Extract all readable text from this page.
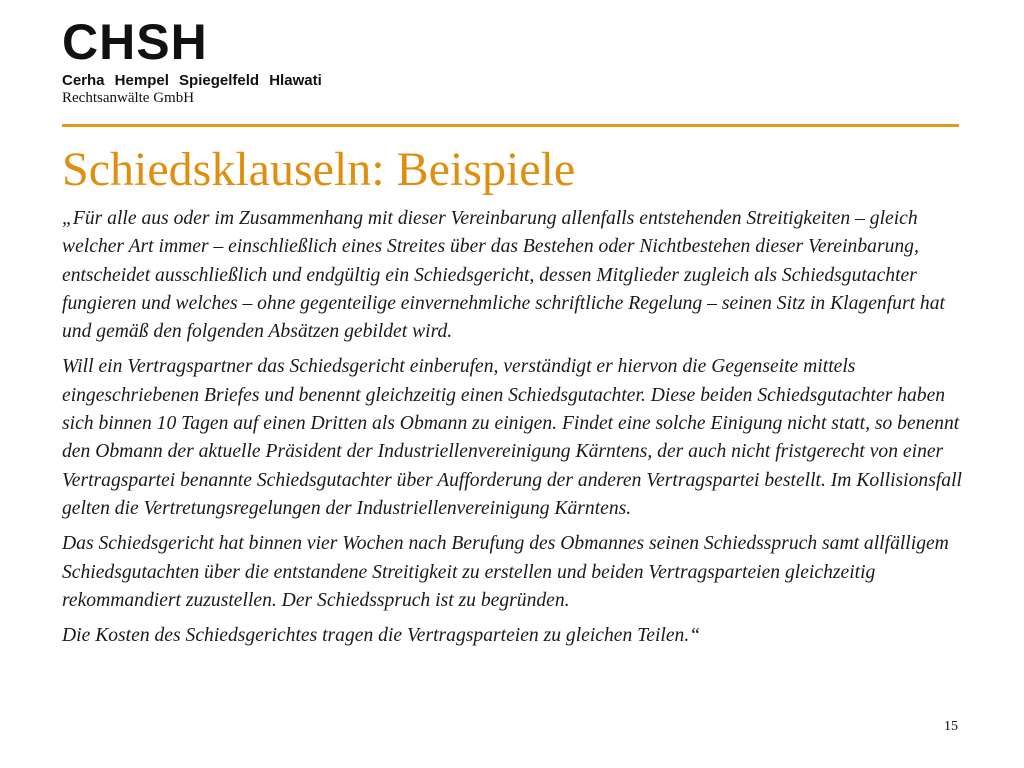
CHSH
Cerha Hempel Spiegelfeld Hlawati
Rechtsanwälte GmbH
Schiedsklauseln: Beispiele

„Für alle aus oder im Zusammenhang mit dieser Vereinbarung allenfalls entstehenden Streitigkeiten – gleich welcher Art immer – einschließlich eines Streites über das Bestehen oder Nichtbestehen dieser Vereinbarung, entscheidet ausschließlich und endgültig ein Schiedsgericht, dessen Mitglieder zugleich als Schiedsgutachter fungieren und welches – ohne gegenteilige einvernehmliche schriftliche Regelung – seinen Sitz in Klagenfurt hat und gemäß den folgenden Absätzen gebildet wird.

Will ein Vertragspartner das Schiedsgericht einberufen, verständigt er hiervon die Gegenseite mittels eingeschriebenen Briefes und benennt gleichzeitig einen Schiedsgutachter. Diese beiden Schiedsgutachter haben sich binnen 10 Tagen auf einen Dritten als Obmann zu einigen. Findet eine solche Einigung nicht statt, so benennt den Obmann der aktuelle Präsident der Industriellenvereinigung Kärntens, der auch nicht fristgerecht von einer Vertragspartei benannte Schiedsgutachter über Aufforderung der anderen Vertragspartei bestellt. Im Kollisionsfall gelten die Vertretungsregelungen der Industriellenvereinigung Kärntens.

Das Schiedsgericht hat binnen vier Wochen nach Berufung des Obmannes seinen Schiedsspruch samt allfälligem Schiedsgutachten über die entstandene Streitigkeit zu erstellen und beiden Vertragsparteien gleichzeitig rekommandiert zuzustellen. Der Schiedsspruch ist zu begründen.

Die Kosten des Schiedsgerichtes tragen die Vertragsparteien zu gleichen Teilen.“

15
